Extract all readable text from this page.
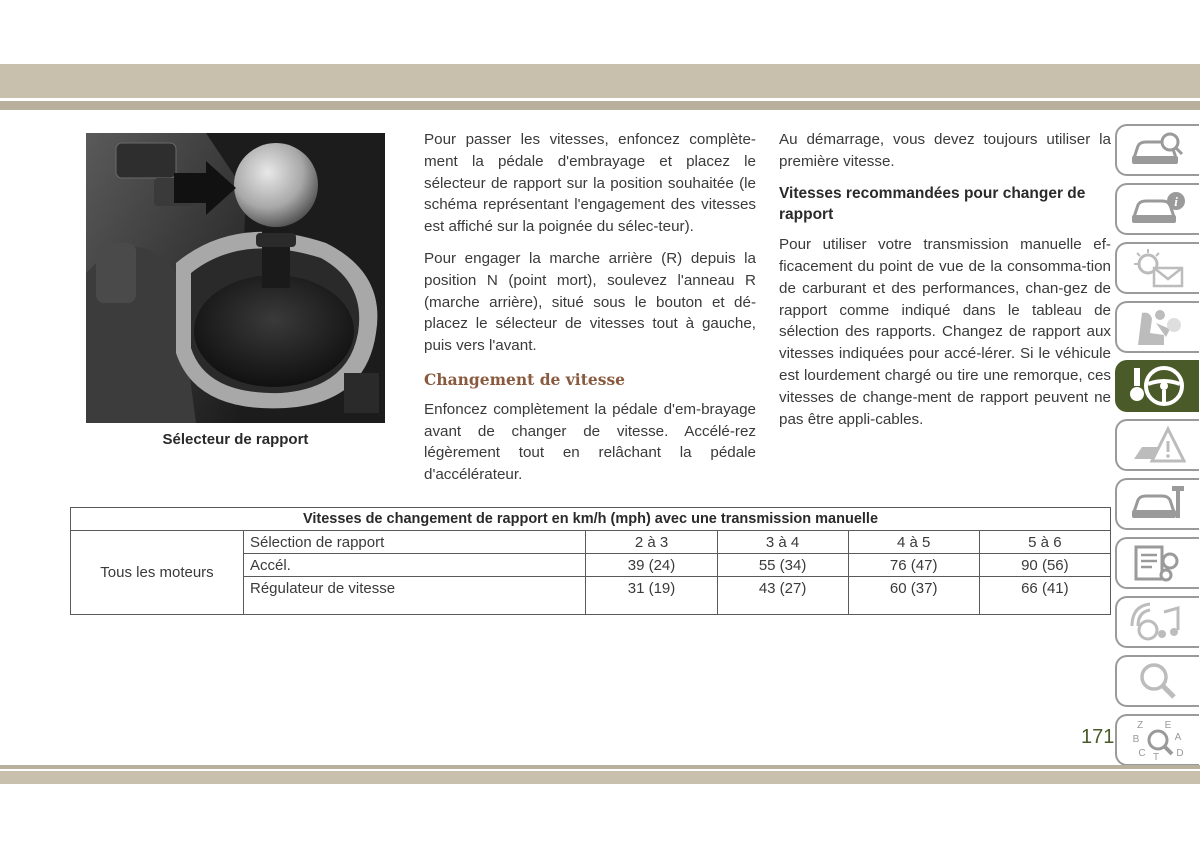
Sélecteur de rapport

Pour passer les vitesses, enfoncez complète-ment la pédale d'embrayage et placez le sélecteur de rapport sur la position souhaitée (le schéma représentant l'engagement des vitesses est affiché sur la poignée du sélec-teur).

Pour engager la marche arrière (R) depuis la position N (point mort), soulevez l'anneau R (marche arrière), situé sous le bouton et dé-placez le sélecteur de vitesses tout à gauche, puis vers l'avant.

Changement de vitesse

Enfoncez complètement la pédale d'em-brayage avant de changer de vitesse. Accélé-rez légèrement tout en relâchant la pédale d'accélérateur.

Au démarrage, vous devez toujours utiliser la première vitesse.

Vitesses recommandées pour changer de rapport

Pour utiliser votre transmission manuelle ef-ficacement du point de vue de la consomma-tion de carburant et des performances, chan-gez de rapport comme indiqué dans le tableau de sélection des rapports. Changez de rapport aux vitesses indiquées pour accé-lérer. Si le véhicule est lourdement chargé ou tire une remorque, ces vitesses de change-ment de rapport peuvent ne pas être appli-cables.

Vitesses de changement de rapport en km/h (mph) avec une transmission manuelle					
Tous les moteurs	Sélection de rapport	2 à 3	3 à 4	4 à 5	5 à 6
	Accél.	39 (24)	55 (34)	76 (47)	90 (56)
	Régulateur de vitesse	31 (19)	43 (27)	60 (37)	66 (41)
i
Z E
B	A
C T D
171
